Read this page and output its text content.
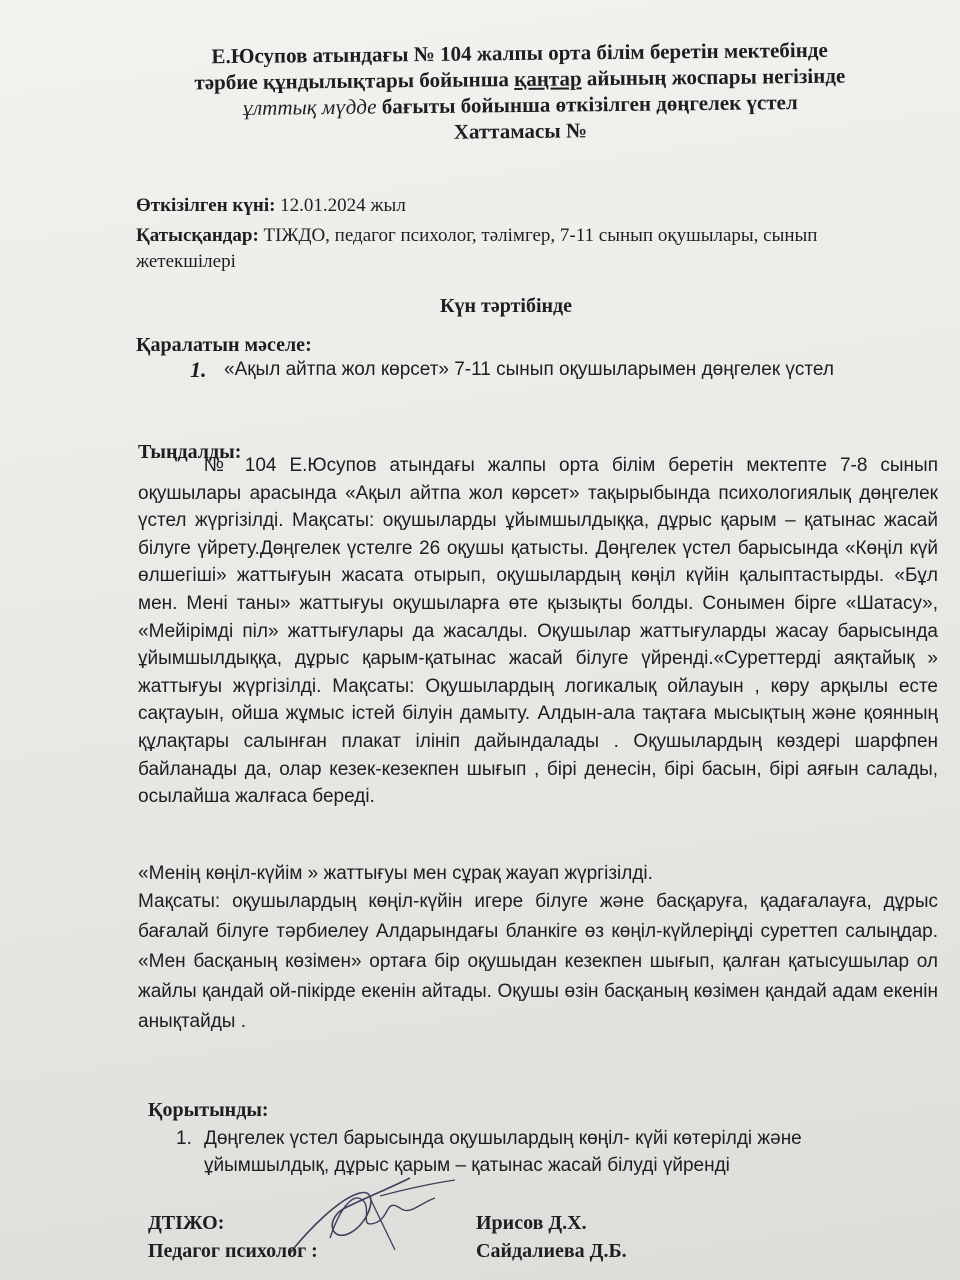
Е.Юсупов атындағы № 104 жалпы орта білім беретін мектебінде
тәрбие құндылықтары бойынша қаңтар айының жоспары негізінде
ұлттық мүдде бағыты бойынша өткізілген дөңгелек үстел
Хаттамасы №
Өткізілген күні: 12.01.2024 жыл
Қатысқандар: ТІЖДО, педагог психолог, тәлімгер, 7-11 сынып оқушылары, сынып жетекшілері
Күн тәртібінде
Қаралатын мәселе:
1. «Ақыл айтпа жол көрсет» 7-11 сынып оқушыларымен дөңгелек үстел
Тыңдалды:
№ 104 Е.Юсупов атындағы жалпы орта білім беретін мектепте 7-8 сынып оқушылары арасында «Ақыл айтпа жол көрсет» тақырыбында психологиялық дөңгелек үстел жүргізілді. Мақсаты: оқушыларды ұйымшылдыққа, дұрыс қарым – қатынас жасай білуге үйрету.Дөңгелек үстелге 26 оқушы қатысты. Дөңгелек үстел барысында «Көңіл күй өлшегіші» жаттығуын жасата отырып, оқушылардың көңіл күйін қалыптастырды. «Бұл мен. Мені таны» жаттығуы оқушыларға өте қызықты болды. Сонымен бірге «Шатасу», «Мейірімді піл» жаттығулары да жасалды. Оқушылар жаттығуларды жасау барысында ұйымшылдыққа, дұрыс қарым-қатынас жасай білуге үйренді.«Суреттерді аяқтайық » жаттығуы жүргізілді. Мақсаты: Оқушылардың логикалық ойлауын , көру арқылы есте сақтауын, ойша жұмыс істей білуін дамыту. Алдын-ала тақтаға мысықтың және қоянның құлақтары салынған плакат ілініп дайындалады . Оқушылардың көздері шарфпен байланады да, олар кезек-кезекпен шығып , бірі денесін, бірі басын, бірі аяғын салады, осылайша жалғаса береді.
«Менің көңіл-күйім » жаттығуы мен сұрақ жауап жүргізілді.
Мақсаты: оқушылардың көңіл-күйін игере білуге және басқаруға, қадағалауға, дұрыс бағалай білуге тәрбиелеу Алдарындағы бланкіге өз көңіл-күйлеріңді суреттеп салыңдар. «Мен басқаның көзімен» ортаға бір оқушыдан кезекпен шығып, қалған қатысушылар ол жайлы қандай ой-пікірде екенін айтады. Оқушы өзін басқаның көзімен қандай адам екенін анықтайды .
Қорытынды:
1. Дөңгелек үстел барысында оқушылардың көңіл- күйі көтерілді және ұйымшылдық, дұрыс қарым – қатынас жасай білуді үйренді
ДТІЖО:	Ирисов Д.Х.
Педагог психолог :	Сайдалиева Д.Б.
